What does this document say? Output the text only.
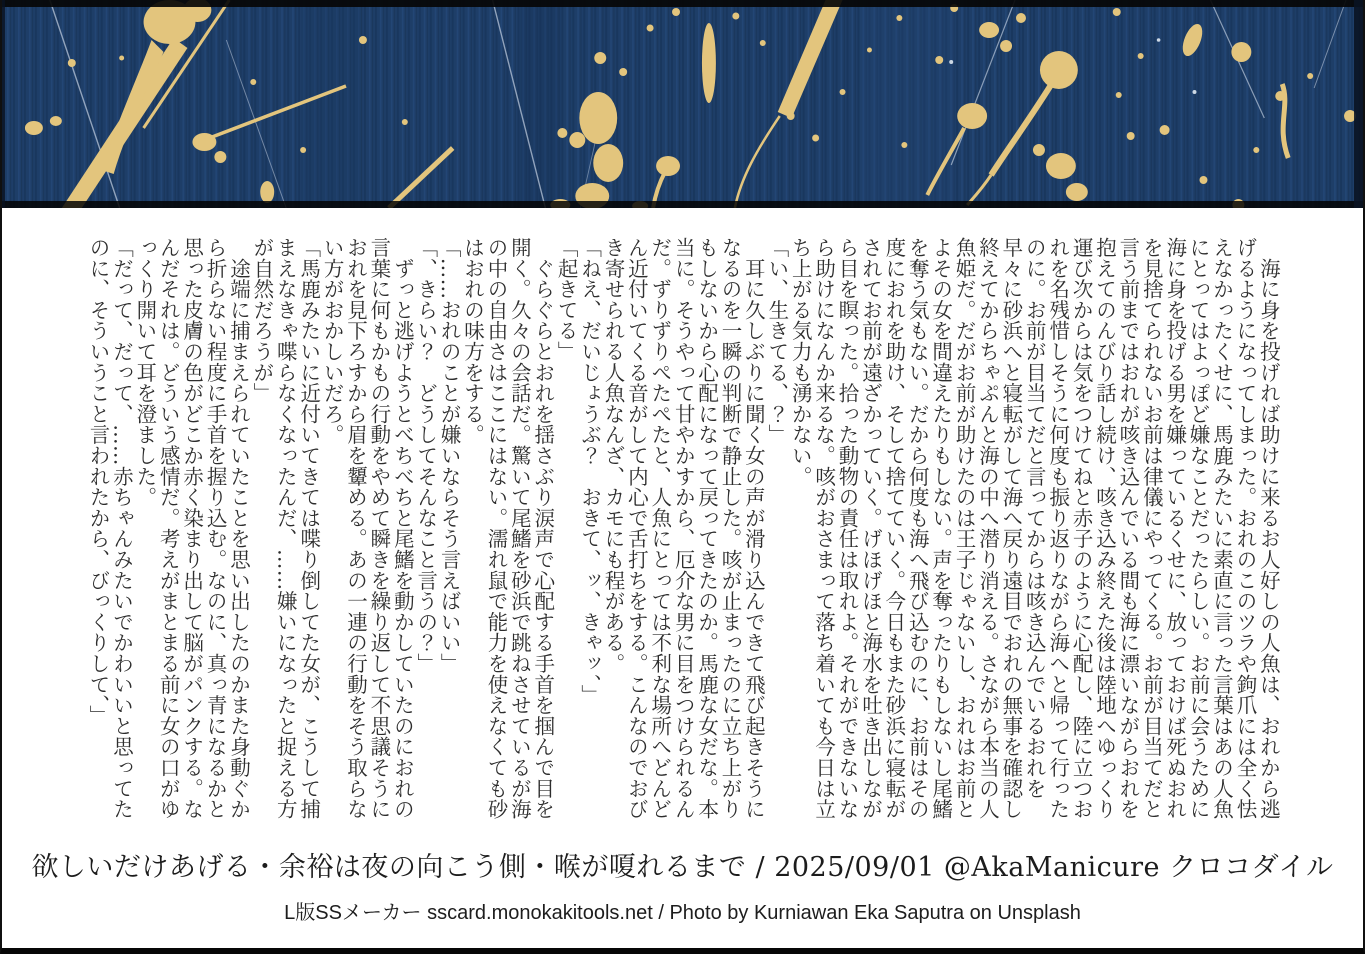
　海に身を投げれば助けに来るお人好しの人魚は、おれから逃げるようになってしまった。おれのこのツラや鉤爪には全く怯えなかったくせに、馬鹿みたいに素直に言った言葉はあの人魚にとってはよっぽど嫌なことだったらしい。お前に会うために海に身を投げる男を嫌っているくせに、放っておけば死ぬおれを見捨てられないお前は律儀にやってくる。お前が目当てだと言う前まではおれが咳き込んでいる間も海に漂いながらおれを抱えてのんびり話し続け、咳き込み終えた後は陸地へゆっくり運び次からは気をつけてねと赤子のように心配し、陸に立つおれを名残惜しそうに何度も振り返りながら海へと帰って行ったのに。お前が目当てだと言ってからは咳き込んでいるおれを早々に砂浜へと寝転がして海へ戻り遠目でおれの無事を確認し終えてからちゃぷんと海の中へ潜り消える。さながら本当の人魚姫だ。だがお前が助けたのは王子じゃないし、おれはお前とよその女を間違えたりもしない。声を奪ったりもしないし尾鰭を奪う気もない。だから何度も海へ飛び込むのに、お前はその度におれを助け、そして捨てていく。今日もまた砂浜に寝転がされてお前が遠ざかっていく。げほげほと海水を吐き出しながら目を瞑った。拾った動物の責任は取れよ。それができないなら助けになんか来るな。咳がおさまって落ち着いても今日は立ち上がる気力も湧かない。

「い、生きてる、？」

　耳に久しぶりに聞く女の声が滑り込んできて飛び起きそうになるのを一瞬の判断で静止した。咳が止まったのに立ち上がりもしないから心配になって戻ってきたのか。馬鹿な女だな。本当に。そうやって甘やかすから、厄介な男に目をつけられるんだ。ずりずりぺたぺたと、人魚にとっては不利な場所へどんどん近付いてくる音がして内心で舌打ちをする。こんなのでおびき寄せられる人魚なんざ、カモにも程がある。

「ねえ、だいじょうぶ？　おきて、ッ、きゃッ、」

「起きてる」

　ぐらぐらとおれを揺さぶり涙声で心配する手首を掴んで目を開く。久々の会話だ。驚いて尾鰭を砂浜で跳ねさせているが海の中の自由さはここにはない。濡れ鼠で能力を使えなくても砂はおれの味方をする。

「……おれのことが嫌いならそう言えばいい」

「、きらい？　どうしてそんなこと言うの？」

　ずっと逃げようとべちべちと尾鰭を動かしていたのにおれの言葉に何もかもの行動をやめて瞬きを繰り返して不思議そうにおれを見下ろすから眉を顰める。あの一連の行動をそう取らない方がおかしいだろ。

「馬鹿みたいに近付いてきては喋り倒してた女が、こうして捕まえなきゃ喋らなくなったんだ、……嫌いになったと捉える方が自然だろうが」

　途端に捕まえられていたことを思い出したのかまた身動ぐから折らない程度に手首を握り込む。なのに、真っ青になるかと思った皮膚の色がどこか赤く染まり出して脳がパンクする。なんだそれは。どういう感情だ。考えがまとまる前に女の口がゆっくり開いて耳を澄ました。

「だって、だって、……赤ちゃんみたいでかわいいと思ってたのに、そういうこと言われたから、びっくりして、」

欲しいだけあげる・余裕は夜の向こう側・喉が嗄れるまで / 2025/09/01 @AkaManicure クロコダイル
L版SSメーカー sscard.monokakitools.net / Photo by Kurniawan Eka Saputra on Unsplash
